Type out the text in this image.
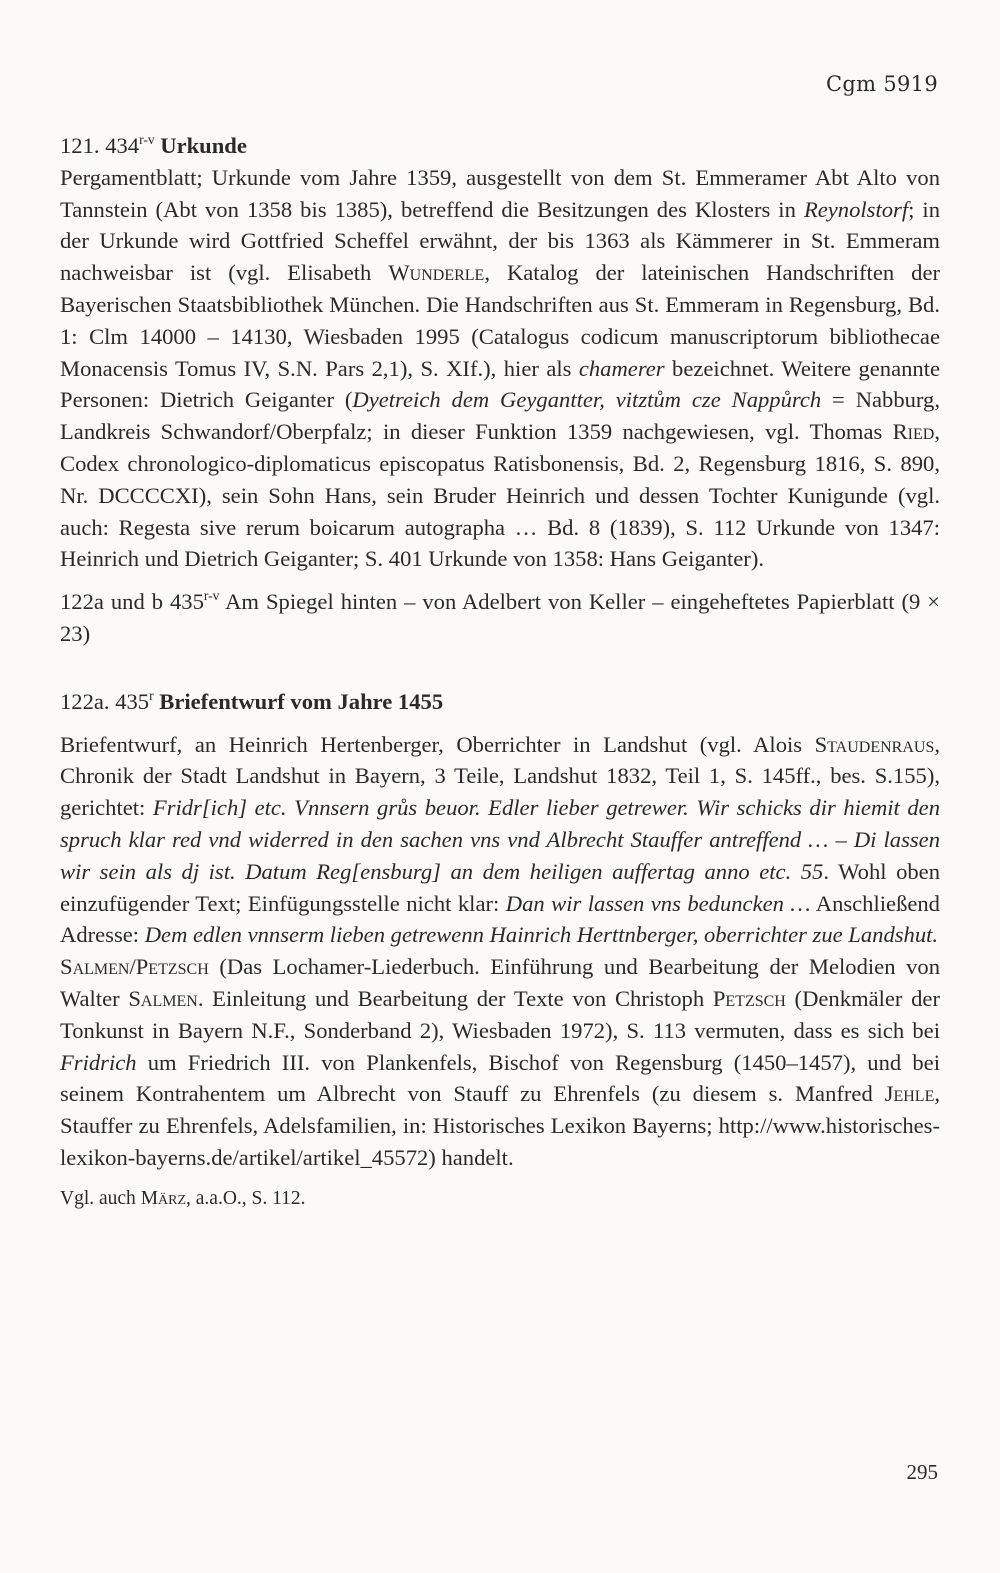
Cgm 5919

121. 434$^{r-v}$ Urkunde

Pergamentblatt; Urkunde vom Jahre 1359, ausgestellt von dem St. Emmeramer Abt Alto von Tannstein (Abt von 1358 bis 1385), betreffend die Besitzungen des Klosters in Reynolstorf; in der Urkunde wird Gottfried Scheffel erwähnt, der bis 1363 als Kämmerer in St. Emmeram nachweisbar ist (vgl. Elisabeth Wunderle, Katalog der lateinischen Handschriften der Bayerischen Staatsbibliothek München. Die Handschriften aus St. Emmeram in Regensburg, Bd. 1: Clm 14000 – 14130, Wiesbaden 1995 (Catalogus codicum manuscriptorum bibliothecae Monacensis Tomus IV, S.N. Pars 2,1), S. XIf.), hier als chamerer bezeichnet. Weitere genannte Personen: Dietrich Geiganter (Dyetreich dem Geygantter, vitztům cze Nappůrch = Nabburg, Landkreis Schwandorf/Oberpfalz; in dieser Funktion 1359 nachgewiesen, vgl. Thomas Ried, Codex chronologico-diplomaticus episcopatus Ratisbonensis, Bd. 2, Regensburg 1816, S. 890, Nr. DCCCCXI), sein Sohn Hans, sein Bruder Heinrich und dessen Tochter Kunigunde (vgl. auch: Regesta sive rerum boicarum autographa … Bd. 8 (1839), S. 112 Urkunde von 1347: Heinrich und Dietrich Geiganter; S. 401 Urkunde von 1358: Hans Geiganter).

122a und b 435$^{r-v}$ Am Spiegel hinten – von Adelbert von Keller – eingeheftetes Papierblatt (9 × 23)

122a. 435$^r$ Briefentwurf vom Jahre 1455

Briefentwurf, an Heinrich Hertenberger, Oberrichter in Landshut (vgl. Alois Staudenraus, Chronik der Stadt Landshut in Bayern, 3 Teile, Landshut 1832, Teil 1, S. 145ff., bes. S.155), gerichtet: Fridr[ich] etc. Vnnsern grůs beuor. Edler lieber getrewer. Wir schicks dir hiemit den spruch klar red vnd widerred in den sachen vns vnd Albrecht Stauffer antreffend … – Di lassen wir sein als dj ist. Datum Reg[ensburg] an dem heiligen auffertag anno etc. 55. Wohl oben einzufügender Text; Einfügungsstelle nicht klar: Dan wir lassen vns beduncken … Anschließend Adresse: Dem edlen vnnserm lieben getrewenn Hainrich Herttnberger, oberrichter zue Landshut.

Salmen/Petzsch (Das Lochamer-Liederbuch. Einführung und Bearbeitung der Melodien von Walter Salmen. Einleitung und Bearbeitung der Texte von Christoph Petzsch (Denkmäler der Tonkunst in Bayern N.F., Sonderband 2), Wiesbaden 1972), S. 113 vermuten, dass es sich bei Fridrich um Friedrich III. von Plankenfels, Bischof von Regensburg (1450–1457), und bei seinem Kontrahentem um Albrecht von Stauff zu Ehrenfels (zu diesem s. Manfred Jehle, Stauffer zu Ehrenfels, Adelsfamilien, in: Historisches Lexikon Bayerns; http://www.historisches-lexikon-bayerns.de/artikel/artikel_45572) handelt.

Vgl. auch März, a.a.O., S. 112.

295
